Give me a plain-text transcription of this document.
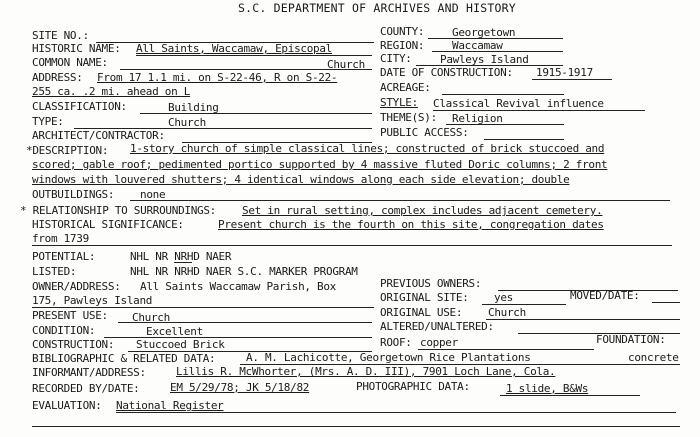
S.C. DEPARTMENT OF ARCHIVES AND HISTORY
SITE NO.:	COUNTY:	Georgetown
HISTORIC NAME: All Saints, Waccamaw, Episcopal	REGION:	Waccamaw
COMMON NAME:	Church CITY:	Pawleys Island
ADDRESS: From 17 1.1 mi. on S-22-46, R on S-22-	DATE OF CONSTRUCTION: 1915-1917
255 ca. .2 mi. ahead on L	ACREAGE:
CLASSIFICATION:	Building	STYLE: Classical Revival influence
TYPE:	Church	THEME(S): Religion
ARCHITECT/CONTRACTOR:	PUBLIC ACCESS:
*DESCRIPTION: 1-story church of simple classical lines; constructed of brick stuccoed and
scored; gable roof; pedimented portico supported by 4 massive fluted Doric columns; 2 front
windows with louvered shutters; 4 identical windows along each side elevation; double
OUTBUILDINGS: none
* RELATIONSHIP TO SURROUNDINGS: Set in rural setting, complex includes adjacent cemetery.
HISTORICAL SIGNIFICANCE:	Present church is the fourth on this site, congregation dates
from 1739
POTENTIAL:	NHL NR NRHD NAER
LISTED:	NHL NR NRHD NAER S.C. MARKER PROGRAM
OWNER/ADDRESS: All Saints Waccamaw Parish, Box	PREVIOUS OWNERS:
175, Pawleys Island	ORIGINAL SITE: yes	MOVED/DATE:
PRESENT USE: Church	ORIGINAL USE: Church
CONDITION:	Excellent	ALTERED/UNALTERED:
CONSTRUCTION: Stuccoed Brick	ROOF: copper	FOUNDATION:
concrete
BIBLIOGRAPHIC & RELATED DATA:	A. M. Lachicotte, Georgetown Rice Plantations
INFORMANT/ADDRESS:	Lillis R. McWhorter, (Mrs. A. D. III), 7901 Loch Lane, Cola.
RECORDED BY/DATE:	EM 5/29/78; JK 5/18/82	PHOTOGRAPHIC DATA:	1 slide, B&Ws
EVALUATION: National Register
